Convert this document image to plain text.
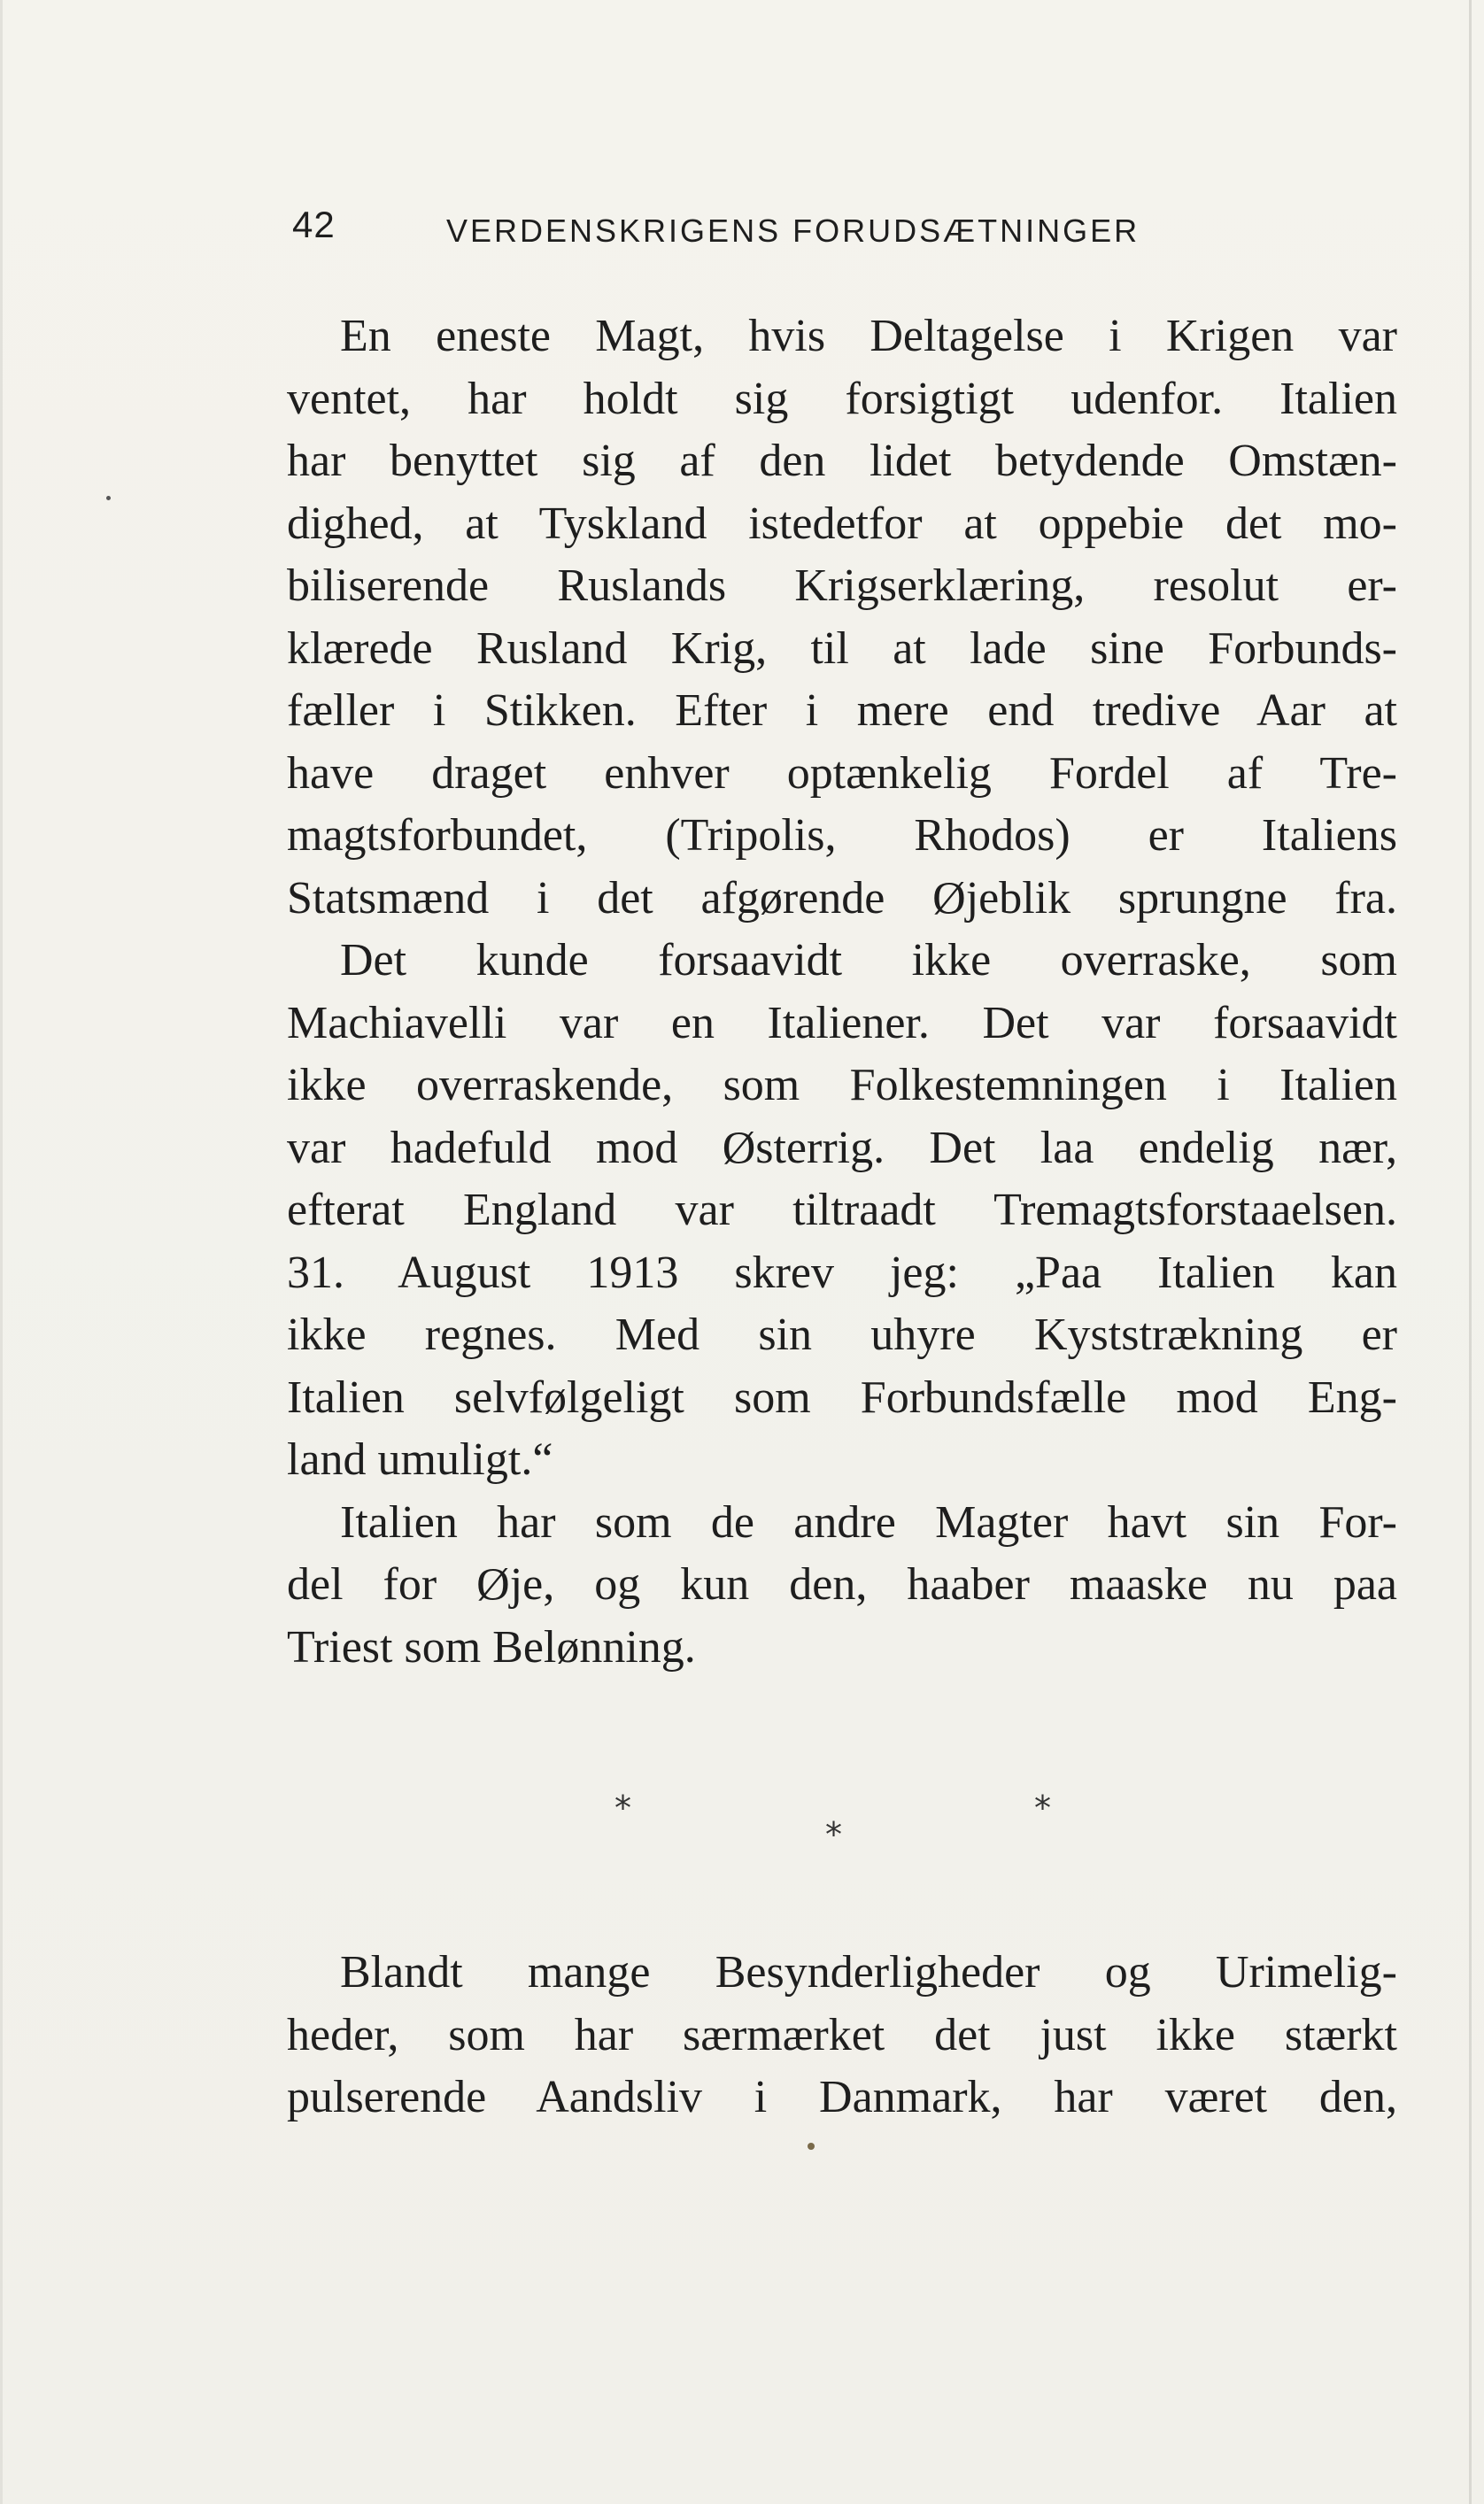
42	VERDENSKRIGENS FORUDSÆTNINGER

En eneste Magt, hvis Deltagelse i Krigen var
ventet, har holdt sig forsigtigt udenfor. Italien
har benyttet sig af den lidet betydende Omstæn-
dighed, at Tyskland istedetfor at oppebie det mo-
biliserende Ruslands Krigserklæring, resolut er-
klærede Rusland Krig, til at lade sine Forbunds-
fæller i Stikken. Efter i mere end tredive Aar at
have draget enhver optænkelig Fordel af Tre-
magtsforbundet, (Tripolis, Rhodos) er Italiens
Statsmænd i det afgørende Øjeblik sprungne fra.

Det kunde forsaavidt ikke overraske, som
Machiavelli var en Italiener. Det var forsaavidt
ikke overraskende, som Folkestemningen i Italien
var hadefuld mod Østerrig. Det laa endelig nær,
efterat England var tiltraadt Tremagtsforstaaelsen.
31. August 1913 skrev jeg: „Paa Italien kan
ikke regnes. Med sin uhyre Kyststrækning er
Italien selvfølgeligt som Forbundsfælle mod Eng-
land umuligt.“

Italien har som de andre Magter havt sin For-
del for Øje, og kun den, haaber maaske nu paa
Triest som Belønning.

*
*
*

Blandt mange Besynderligheder og Urimelig-
heder, som har særmærket det just ikke stærkt
pulserende Aandsliv i Danmark, har været den,
